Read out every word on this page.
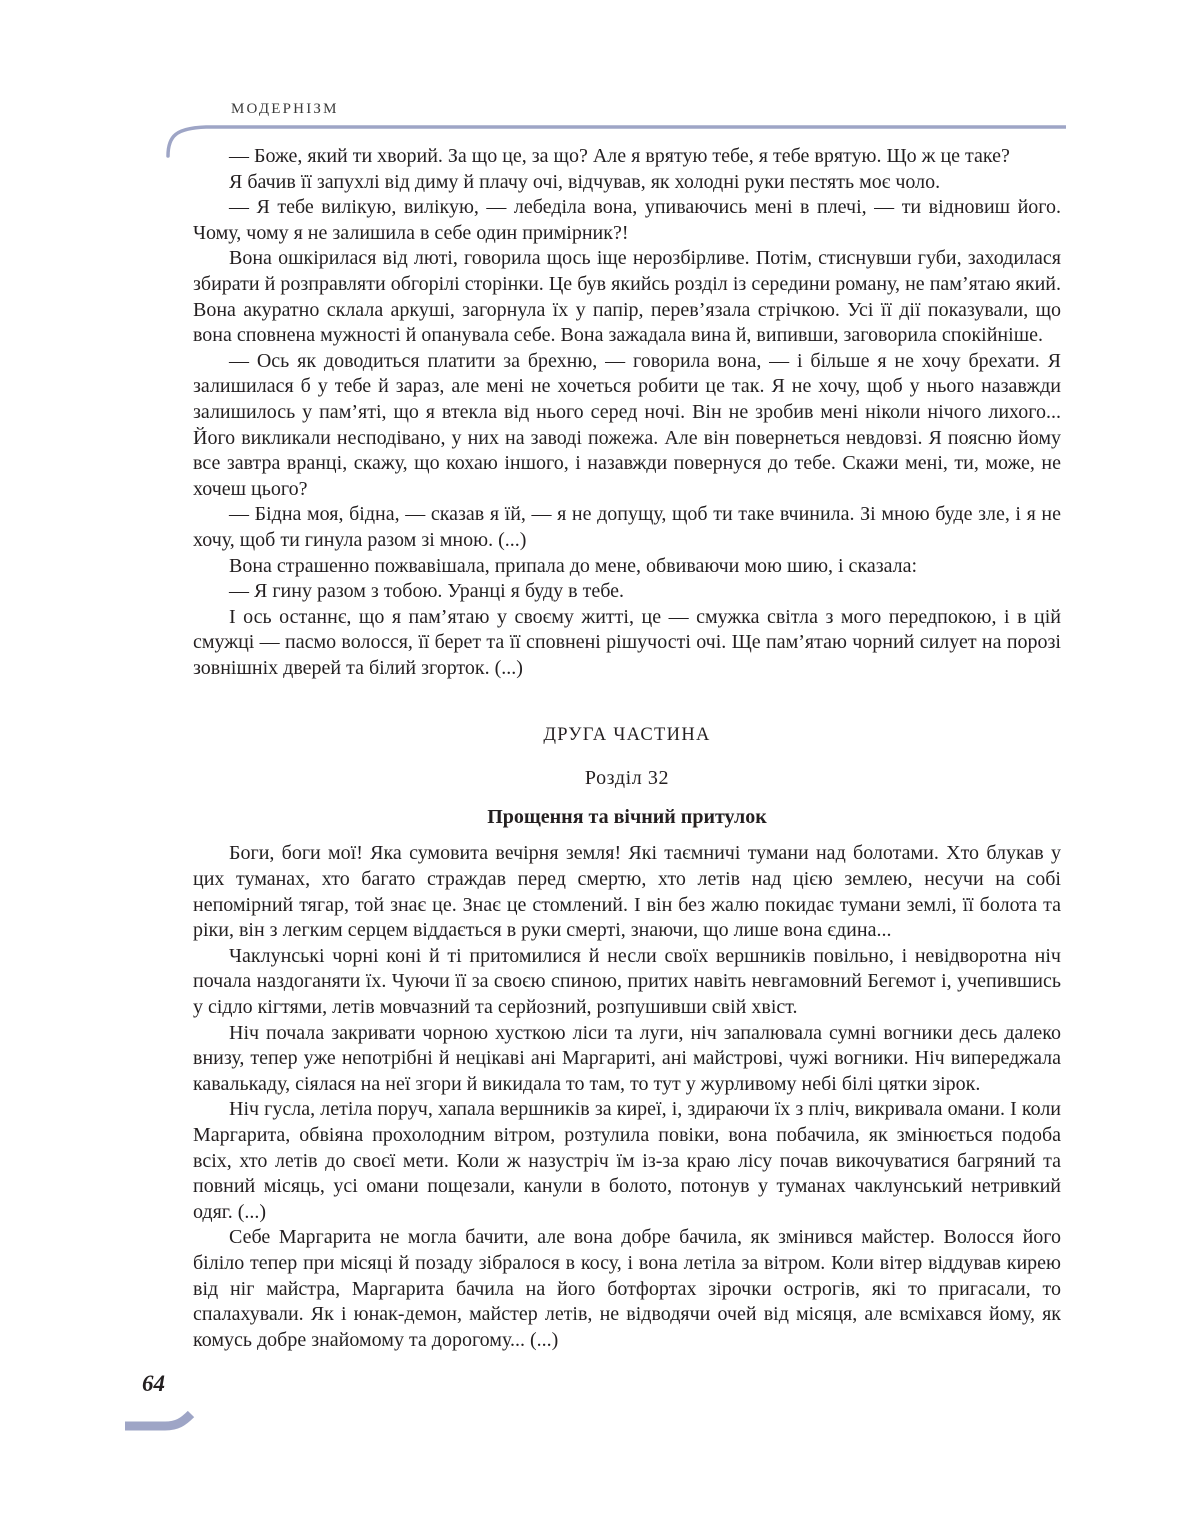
МОДЕРНІЗМ

— Боже, який ти хворий. За що це, за що? Але я врятую тебе, я тебе врятую. Що ж це таке?

Я бачив її запухлі від диму й плачу очі, відчував, як холодні руки пестять моє чоло.

— Я тебе вилікую, вилікую, — лебеділа вона, упиваючись мені в плечі, — ти відновиш його. Чому, чому я не залишила в себе один примірник?!

Вона ошкірилася від люті, говорила щось іще нерозбірливе. Потім, стиснувши губи, заходилася збирати й розправляти обгорілі сторінки. Це був якийсь розділ із середини роману, не пам’ятаю який. Вона акуратно склала аркуші, загорнула їх у папір, перев’язала стрічкою. Усі її дії показували, що вона сповнена мужності й опанувала себе. Вона зажадала вина й, випивши, заговорила спокійніше.

— Ось як доводиться платити за брехню, — говорила вона, — і більше я не хочу брехати. Я залишилася б у тебе й зараз, але мені не хочеться робити це так. Я не хочу, щоб у нього назавжди залишилось у пам’яті, що я втекла від нього серед ночі. Він не зробив мені ніколи нічого лихого... Його викликали несподівано, у них на заводі пожежа. Але він повернеться невдовзі. Я поясню йому все завтра вранці, скажу, що кохаю іншого, і назавжди повернуся до тебе. Скажи мені, ти, може, не хочеш цього?

— Бідна моя, бідна, — сказав я їй, — я не допущу, щоб ти таке вчинила. Зі мною буде зле, і я не хочу, щоб ти гинула разом зі мною. (...)

Вона страшенно пожвавішала, припала до мене, обвиваючи мою шию, і сказала:

— Я гину разом з тобою. Уранці я буду в тебе.

І ось останнє, що я пам’ятаю у своєму житті, це — смужка світла з мого передпокою, і в цій смужці — пасмо волосся, її берет та її сповнені рішучості очі. Ще пам’ятаю чорний силует на порозі зовнішніх дверей та білий згорток. (...)

ДРУГА ЧАСТИНА
Розділ 32
Прощення та вічний притулок

Боги, боги мої! Яка сумовита вечірня земля! Які таємничі тумани над болотами. Хто блукав у цих туманах, хто багато страждав перед смертю, хто летів над цією землею, несучи на собі непомірний тягар, той знає це. Знає це стомлений. І він без жалю покидає тумани землі, її болота та ріки, він з легким серцем віддається в руки смерті, знаючи, що лише вона єдина...

Чаклунські чорні коні й ті притомилися й несли своїх вершників повільно, і невідворотна ніч почала наздоганяти їх. Чуючи її за своєю спиною, притих навіть невгамовний Бегемот і, учепившись у сідло кігтями, летів мовчазний та серйозний, розпушивши свій хвіст.

Ніч почала закривати чорною хусткою ліси та луги, ніч запалювала сумні вогники десь далеко внизу, тепер уже непотрібні й нецікаві ані Маргариті, ані майстрові, чужі вогники. Ніч випереджала кавалькаду, сіялася на неї згори й викидала то там, то тут у журливому небі білі цятки зірок.

Ніч гусла, летіла поруч, хапала вершників за киреї, і, здираючи їх з пліч, викривала омани. І коли Маргарита, обвіяна прохолодним вітром, розтулила повіки, вона побачила, як змінюється подоба всіх, хто летів до своєї мети. Коли ж назустріч їм із-за краю лісу почав викочуватися багряний та повний місяць, усі омани пощезали, канули в болото, потонув у туманах чаклунський нетривкий одяг. (...)

Себе Маргарита не могла бачити, але вона добре бачила, як змінився майстер. Волосся його біліло тепер при місяці й позаду зібралося в косу, і вона летіла за вітром. Коли вітер віддував кирею від ніг майстра, Маргарита бачила на його ботфортах зірочки острогів, які то пригасали, то спалахували. Як і юнак-демон, майстер летів, не відводячи очей від місяця, але всміхався йому, як комусь добре знайомому та дорогому... (...)

64
